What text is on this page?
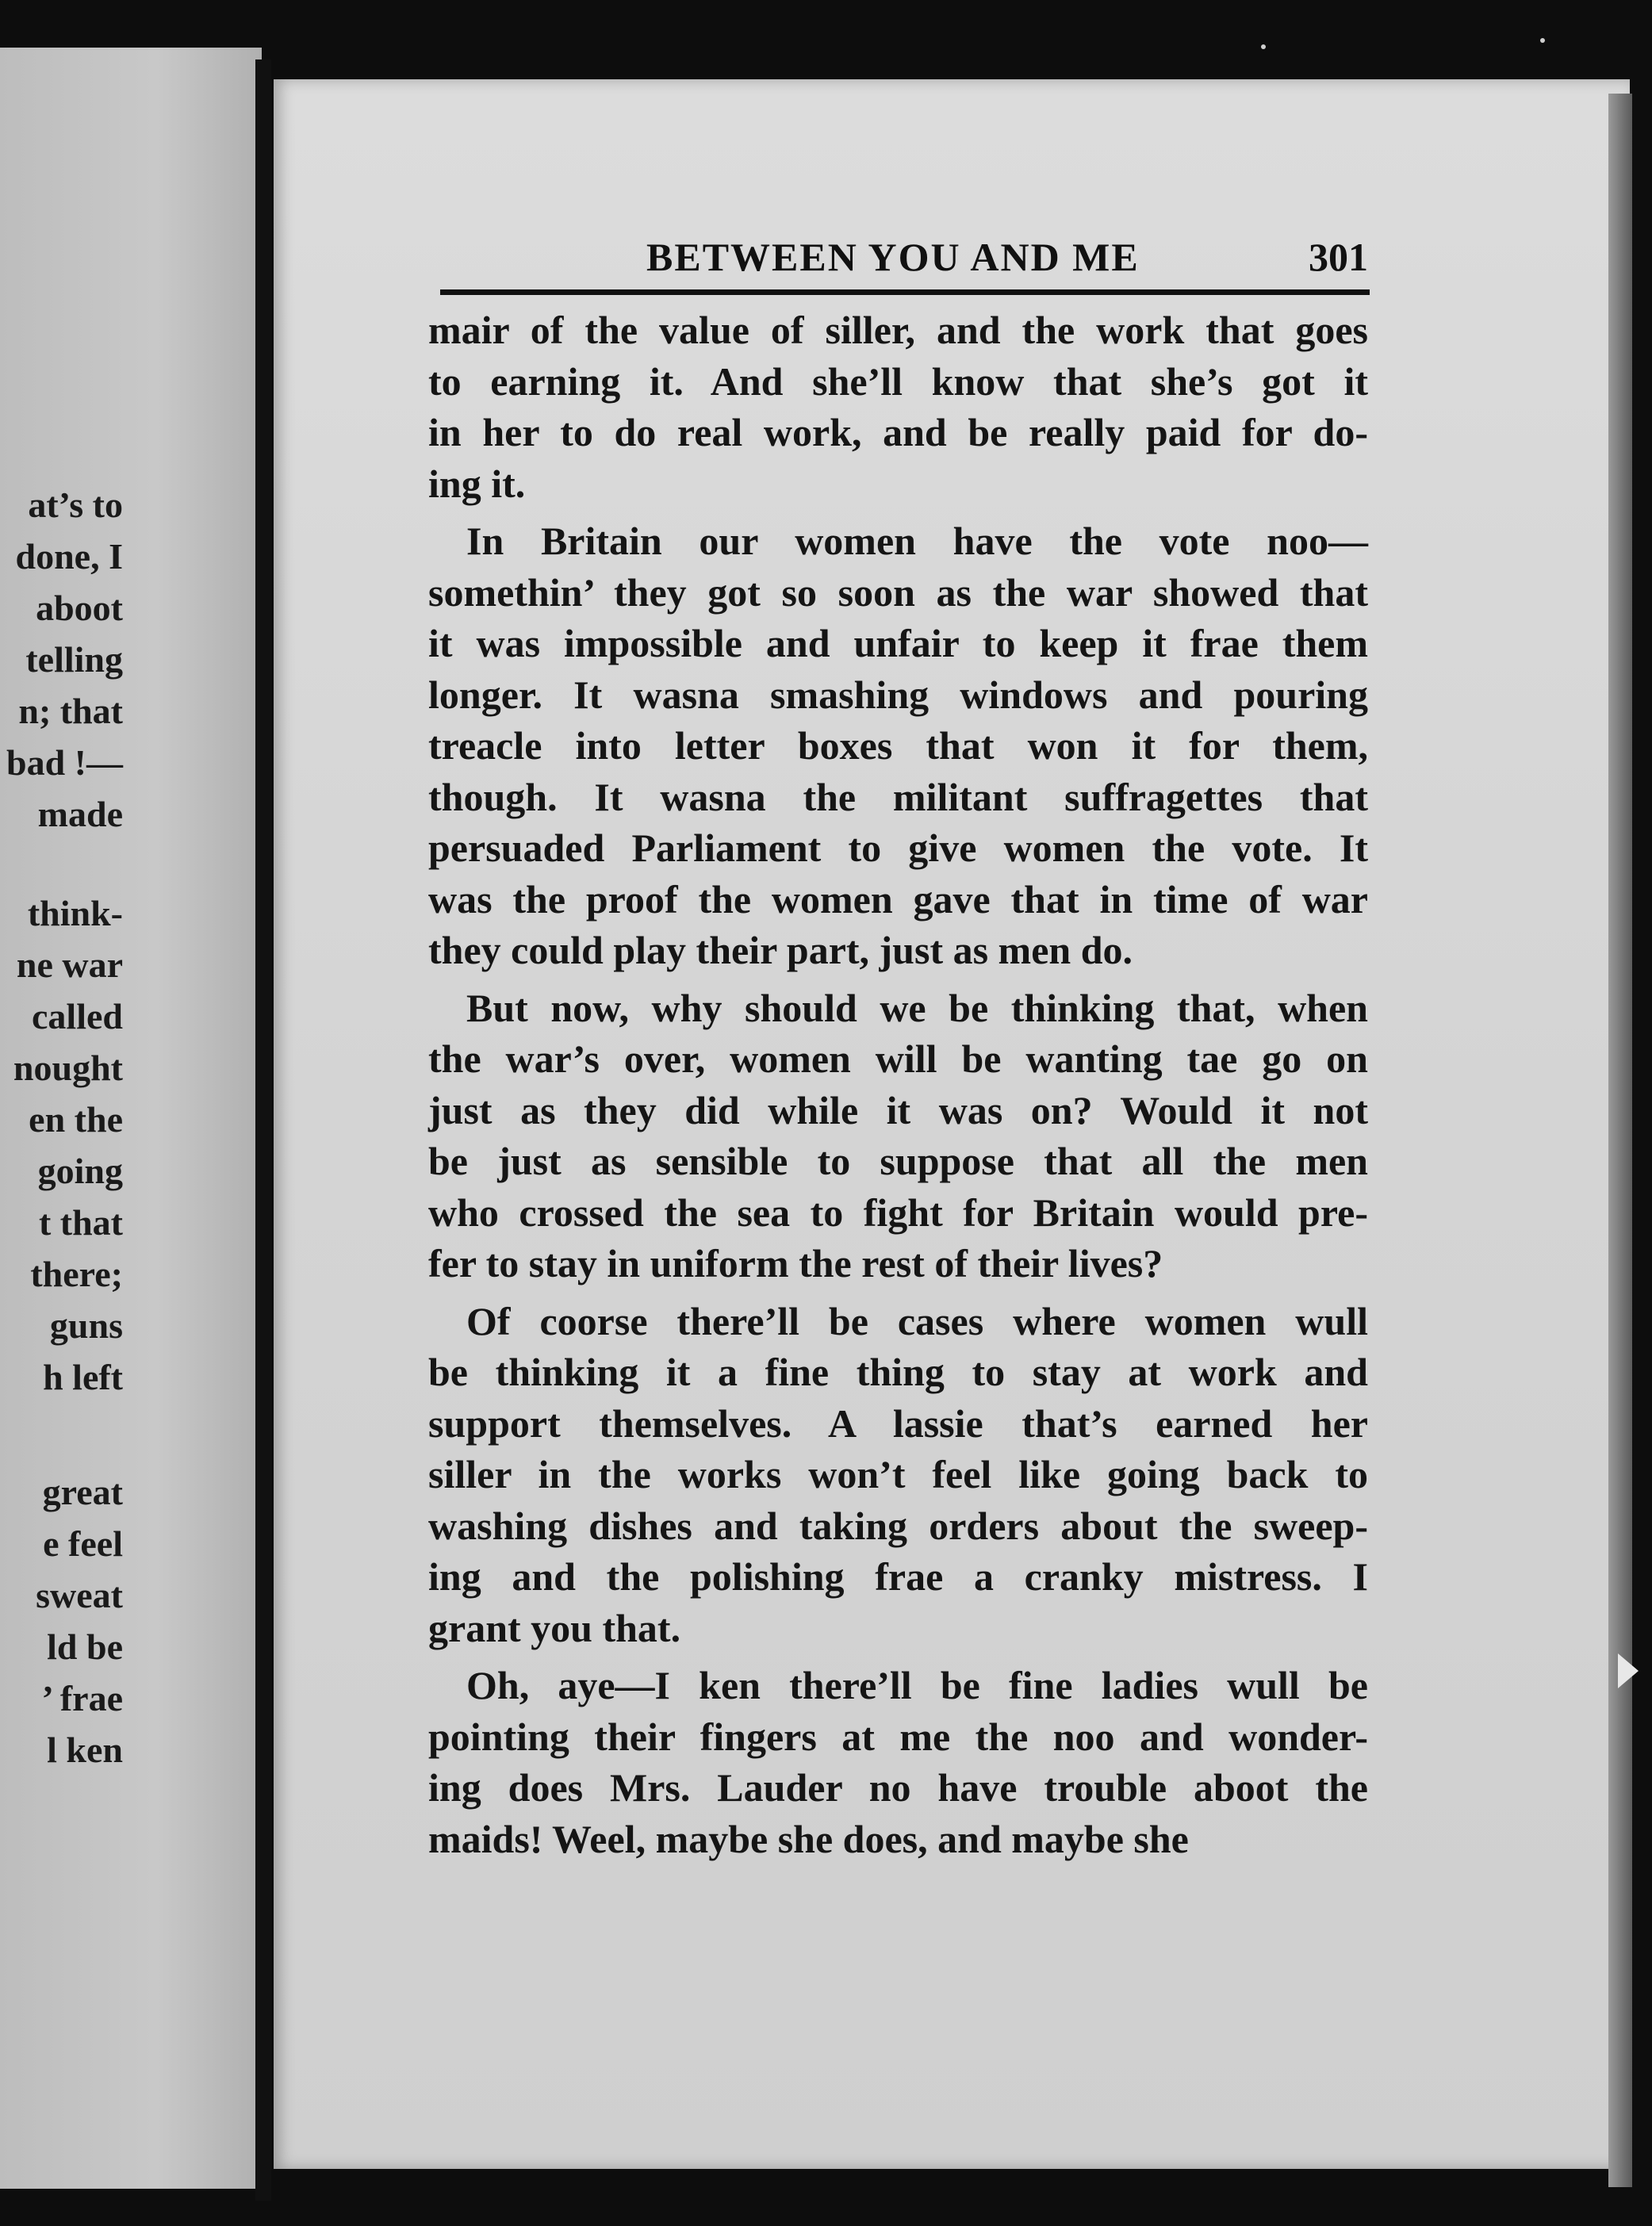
at’s to
done, I
aboot
telling
n; that
bad !—
made
think-
ne war
called
nought
en the
going
t that
there;
guns
h left
great
e feel
sweat
ld be
’ frae
l ken
BETWEEN YOU AND ME	301
mair of the value of siller, and the work that goes
to earning it. And she’ll know that she’s got it
in her to do real work, and be really paid for do-
ing it.
In Britain our women have the vote noo—
somethin’ they got so soon as the war showed that
it was impossible and unfair to keep it frae them
longer. It wasna smashing windows and pouring
treacle into letter boxes that won it for them,
though. It wasna the militant suffragettes that
persuaded Parliament to give women the vote. It
was the proof the women gave that in time of war
they could play their part, just as men do.
But now, why should we be thinking that, when
the war’s over, women will be wanting tae go on
just as they did while it was on? Would it not
be just as sensible to suppose that all the men
who crossed the sea to fight for Britain would pre-
fer to stay in uniform the rest of their lives?
Of coorse there’ll be cases where women wull
be thinking it a fine thing to stay at work and
support themselves. A lassie that’s earned her
siller in the works won’t feel like going back to
washing dishes and taking orders about the sweep-
ing and the polishing frae a cranky mistress. I
grant you that.
Oh, aye—I ken there’ll be fine ladies wull be
pointing their fingers at me the noo and wonder-
ing does Mrs. Lauder no have trouble aboot the
maids! Weel, maybe she does, and maybe she
